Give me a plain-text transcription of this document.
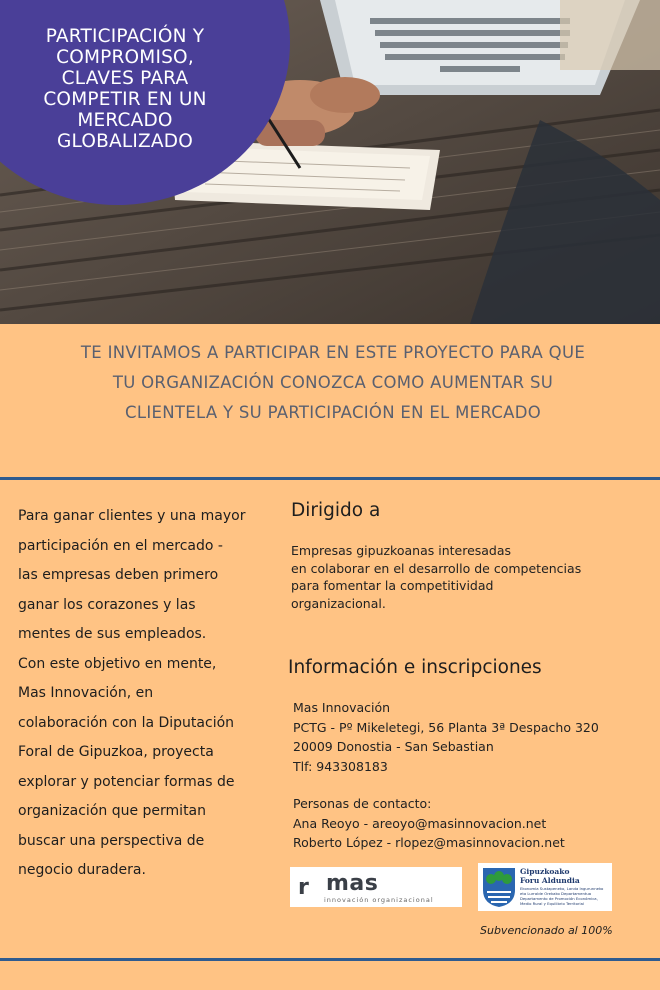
PARTICIPACIÓN Y
COMPROMISO,
CLAVES PARA
COMPETIR EN UN
MERCADO
GLOBALIZADO
TE INVITAMOS A PARTICIPAR EN ESTE PROYECTO PARA QUE
TU ORGANIZACIÓN CONOZCA COMO AUMENTAR SU
CLIENTELA Y SU PARTICIPACIÓN EN EL MERCADO
Para ganar clientes y una mayor
participación en el mercado -
las empresas deben primero
ganar los corazones y las
mentes de sus empleados.
Con este objetivo en mente,
Mas Innovación, en
colaboración con la Diputación
Foral de Gipuzkoa, proyecta
explorar y potenciar formas de
organización que permitan
buscar una perspectiva de
negocio duradera.
Dirigido a
Empresas gipuzkoanas interesadas
en colaborar en el desarrollo de competencias
para fomentar la competitividad
organizacional.
Información e inscripciones
Mas Innovación
PCTG - Pº Mikeletegi, 56 Planta 3ª Despacho 320
20009 Donostia - San Sebastian
Tlf: 943308183
Personas de contacto:
Ana Reoyo - areoyo@masinnovacion.net
Roberto López - rlopez@masinnovacion.net
r mas
innovación organizacional
Gipuzkoako
Foru Aldundia
Ekonomia Sustapeneko, Landa Ingurunneko eta Lurralde Orekako Departamentua
Departamento de Promoción Económica, Medio Rural y Equilibrio Territorial
Subvencionado al 100%
